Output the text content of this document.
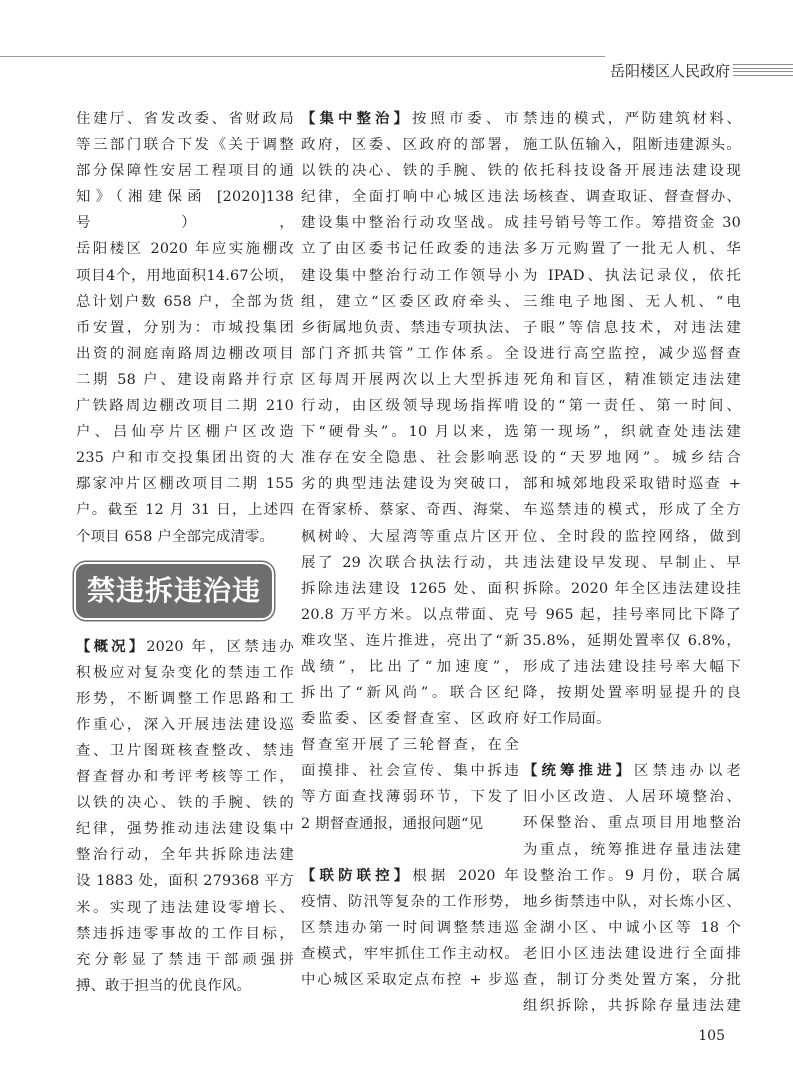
岳阳楼区人民政府

住建厅、省发改委、省财政局

等三部门联合下发《关于调整

部分保障性安居工程项目的通

知》（湘建保函 [2020]138 号），

岳阳楼区 2020 年应实施棚改

项目4个，用地面积14.67公顷，

总计划户数 658 户，全部为货

币安置，分别为：市城投集团

出资的洞庭南路周边棚改项目

二期 58 户、建设南路并行京

广铁路周边棚改项目二期 210

户、吕仙亭片区棚户区改造

235 户和市交投集团出资的大

鄢家冲片区棚改项目二期 155

户。截至 12 月 31 日，上述四

个项目 658 户全部完成清零。

禁违拆违治违

【概况】2020 年，区禁违办

积极应对复杂变化的禁违工作

形势，不断调整工作思路和工

作重心，深入开展违法建设巡

查、卫片图斑核查整改、禁违

督查督办和考评考核等工作，

以铁的决心、铁的手腕、铁的

纪律，强势推动违法建设集中

整治行动，全年共拆除违法建

设 1883 处，面积 279368 平方

米。实现了违法建设零增长、

禁违拆违零事故的工作目标，

充分彰显了禁违干部顽强拼

搏、敢于担当的优良作风。

【集中整治】按照市委、市

政府，区委、区政府的部署，

以铁的决心、铁的手腕、铁的

纪律，全面打响中心城区违法

建设集中整治行动攻坚战。成

立了由区委书记任政委的违法

建设集中整治行动工作领导小

组，建立“区委区政府牵头、

乡街属地负责、禁违专项执法、

部门齐抓共管”工作体系。全

区每周开展两次以上大型拆违

行动，由区级领导现场指挥啃

下“硬骨头”。10 月以来，选

准存在安全隐患、社会影响恶

劣的典型违法建设为突破口，

在胥家桥、蔡家、奇西、海棠、

枫树岭、大屋湾等重点片区开

展了 29 次联合执法行动，共

拆除违法建设 1265 处、面积

20.8 万平方米。以点带面、克

难攻坚、连片推进，亮出了“新

战绩”，比出了“加速度”，

拆出了“新风尚”。联合区纪

委监委、区委督查室、区政府

督查室开展了三轮督查，在全

面摸排、社会宣传、集中拆违

等方面查找薄弱环节，下发了

2 期督查通报，通报问题“见

【联防联控】根据 2020 年

疫情、防汛等复杂的工作形势，

区禁违办第一时间调整禁违巡

查模式，牢牢抓住工作主动权。

中心城区采取定点布控 + 步巡

禁违的模式，严防建筑材料、

施工队伍输入，阻断违建源头。

依托科技设备开展违法建设现

场核查、调查取证、督查督办、

挂号销号等工作。筹措资金 30

多万元购置了一批无人机、华

为 IPAD、执法记录仪，依托

三维电子地图、无人机、“电

子眼”等信息技术，对违法建

设进行高空监控，减少巡督查

死角和盲区，精准锁定违法建

设的“第一责任、第一时间、

第一现场”，织就查处违法建

设的“天罗地网”。城乡结合

部和城郊地段采取错时巡查 +

车巡禁违的模式，形成了全方

位、全时段的监控网络，做到

违法建设早发现、早制止、早

拆除。2020 年全区违法建设挂

号 965 起，挂号率同比下降了

35.8%，延期处置率仅 6.8%，

形成了违法建设挂号率大幅下

降，按期处置率明显提升的良

好工作局面。

【统筹推进】区禁违办以老

旧小区改造、人居环境整治、

环保整治、重点项目用地整治

为重点，统筹推进存量违法建

设整治工作。9 月份，联合属

地乡街禁违中队，对长炼小区、

金湖小区、中诚小区等 18 个

老旧小区违法建设进行全面排

查，制订分类处置方案，分批

组织拆除，共拆除存量违法建

105
